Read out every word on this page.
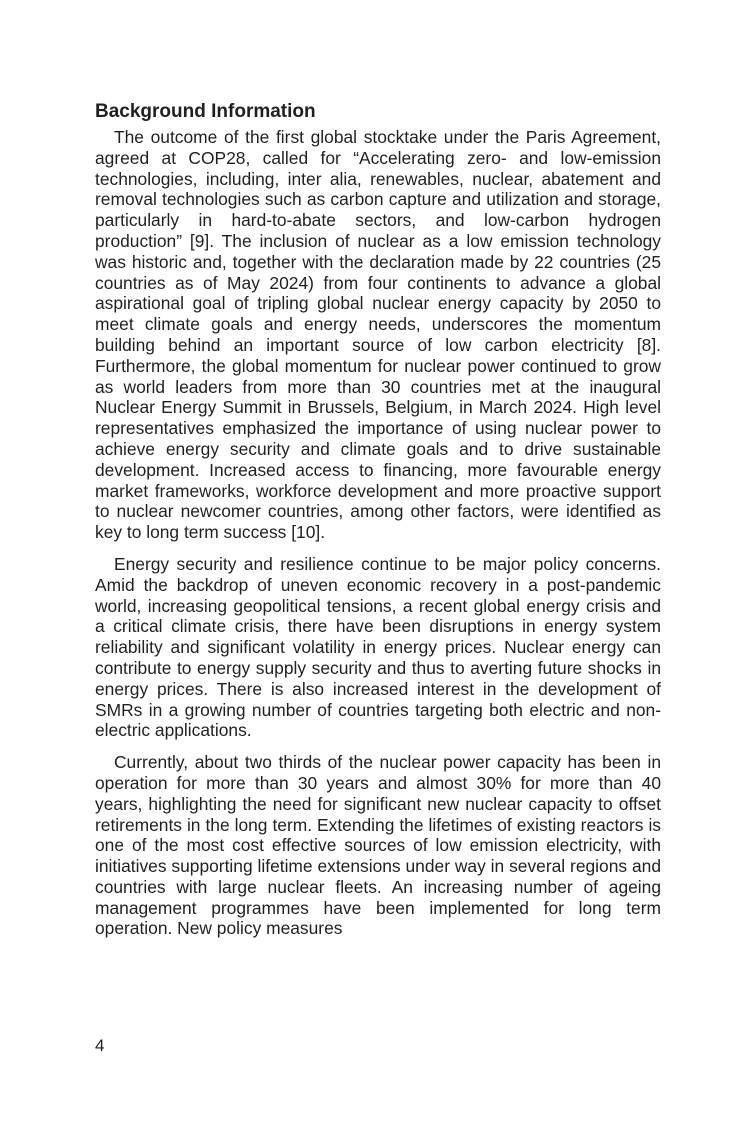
Background Information

The outcome of the first global stocktake under the Paris Agreement, agreed at COP28, called for “Accelerating zero- and low-emission technologies, including, inter alia, renewables, nuclear, abatement and removal technologies such as carbon capture and utilization and storage, particularly in hard-to-abate sectors, and low-carbon hydrogen production” [9]. The inclusion of nuclear as a low emission technology was historic and, together with the declaration made by 22 countries (25 countries as of May 2024) from four continents to advance a global aspirational goal of tripling global nuclear energy capacity by 2050 to meet climate goals and energy needs, underscores the momentum building behind an important source of low carbon electricity [8]. Furthermore, the global momentum for nuclear power continued to grow as world leaders from more than 30 countries met at the inaugural Nuclear Energy Summit in Brussels, Belgium, in March 2024. High level representatives emphasized the importance of using nuclear power to achieve energy security and climate goals and to drive sustainable development. Increased access to financing, more favourable energy market frameworks, workforce development and more proactive support to nuclear newcomer countries, among other factors, were identified as key to long term success [10].

Energy security and resilience continue to be major policy concerns. Amid the backdrop of uneven economic recovery in a post-pandemic world, increasing geopolitical tensions, a recent global energy crisis and a critical climate crisis, there have been disruptions in energy system reliability and significant volatility in energy prices. Nuclear energy can contribute to energy supply security and thus to averting future shocks in energy prices. There is also increased interest in the development of SMRs in a growing number of countries targeting both electric and non-electric applications.

Currently, about two thirds of the nuclear power capacity has been in operation for more than 30 years and almost 30% for more than 40 years, highlighting the need for significant new nuclear capacity to offset retirements in the long term. Extending the lifetimes of existing reactors is one of the most cost effective sources of low emission electricity, with initiatives supporting lifetime extensions under way in several regions and countries with large nuclear fleets. An increasing number of ageing management programmes have been implemented for long term operation. New policy measures

4
